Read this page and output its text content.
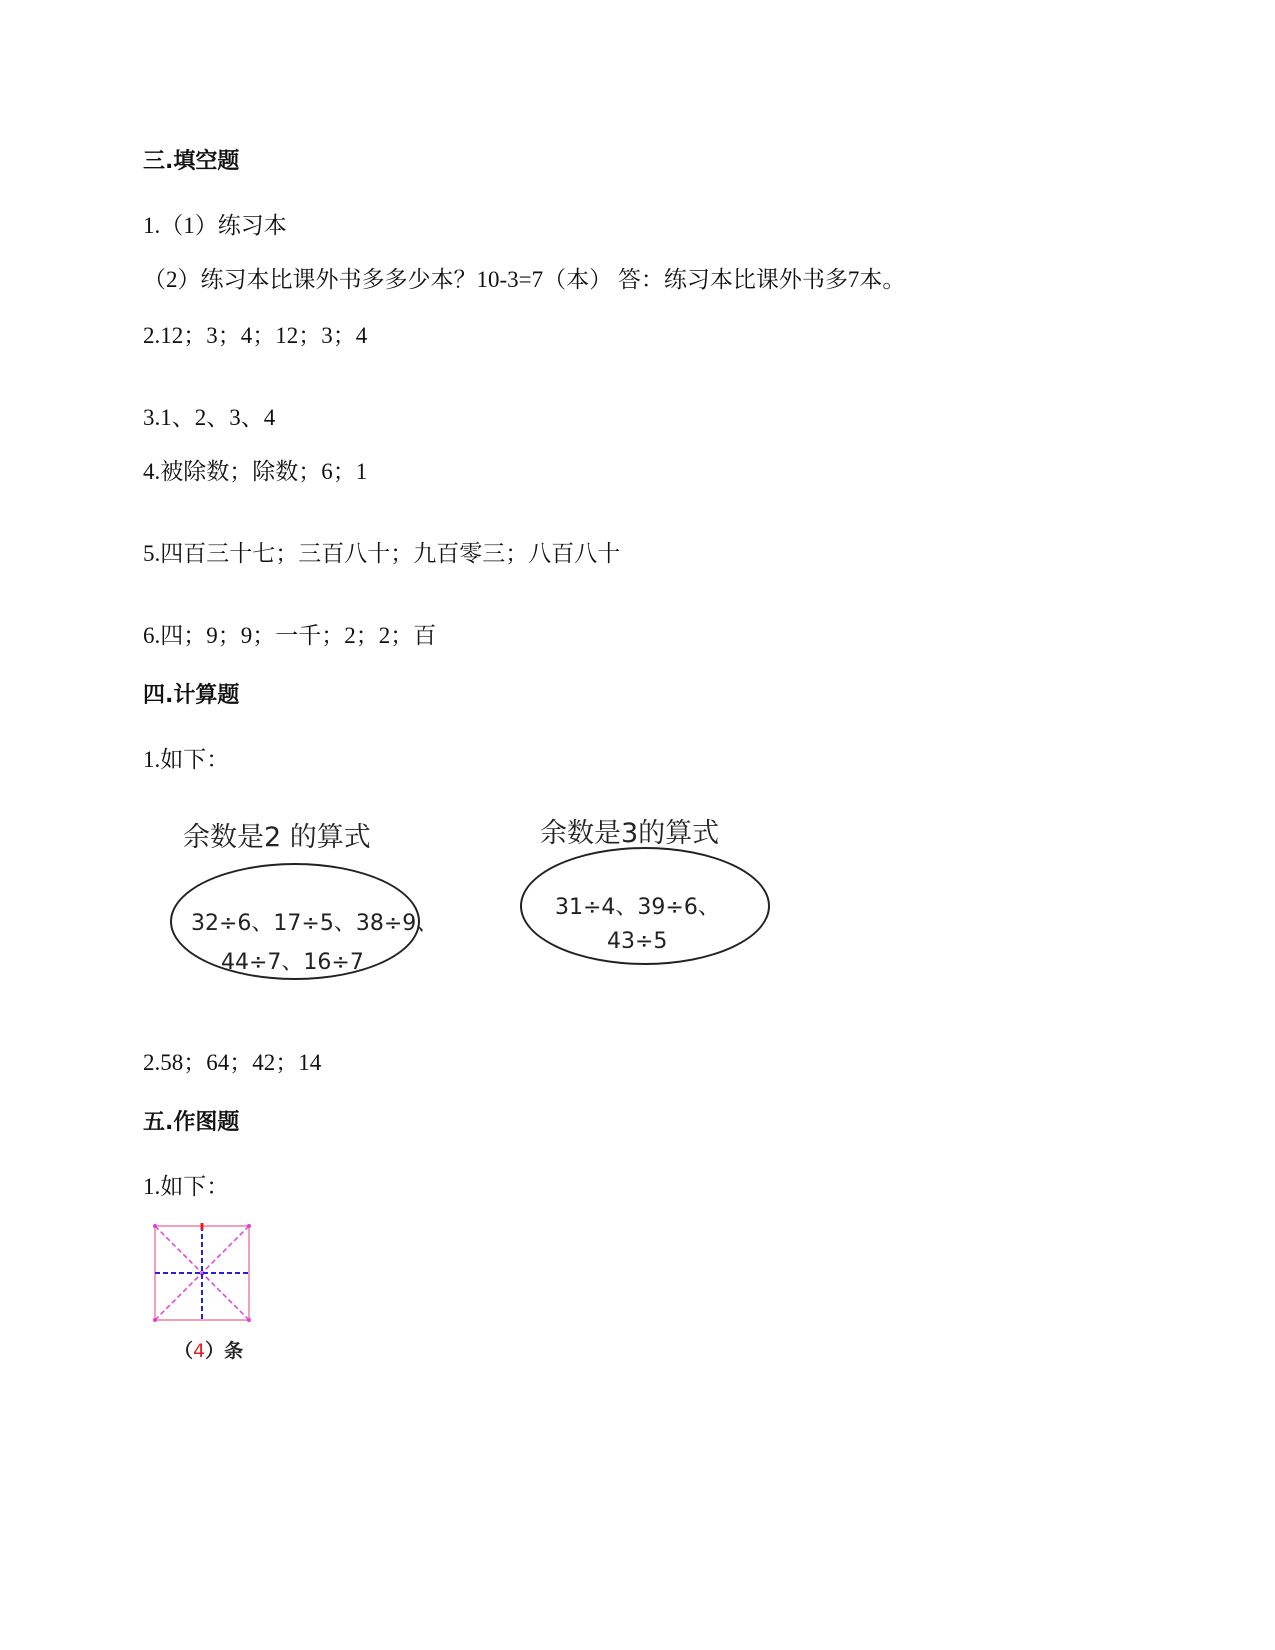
三.填空题
1.（1）练习本
（2）练习本比课外书多多少本？10-3=7（本） 答：练习本比课外书多7本。
2.12；3；4；12；3；4
3.1、2、3、4
4.被除数；除数；6；1
5.四百三十七；三百八十；九百零三；八百八十
6.四；9；9；一千；2；2；百
四.计算题
1.如下：
余数是2 的算式
32÷6、17÷5、38÷9、
44÷7、16÷7
余数是3的算式
31÷4、39÷6、
43÷5
2.58；64；42；14
五.作图题
1.如下：
（4）条
